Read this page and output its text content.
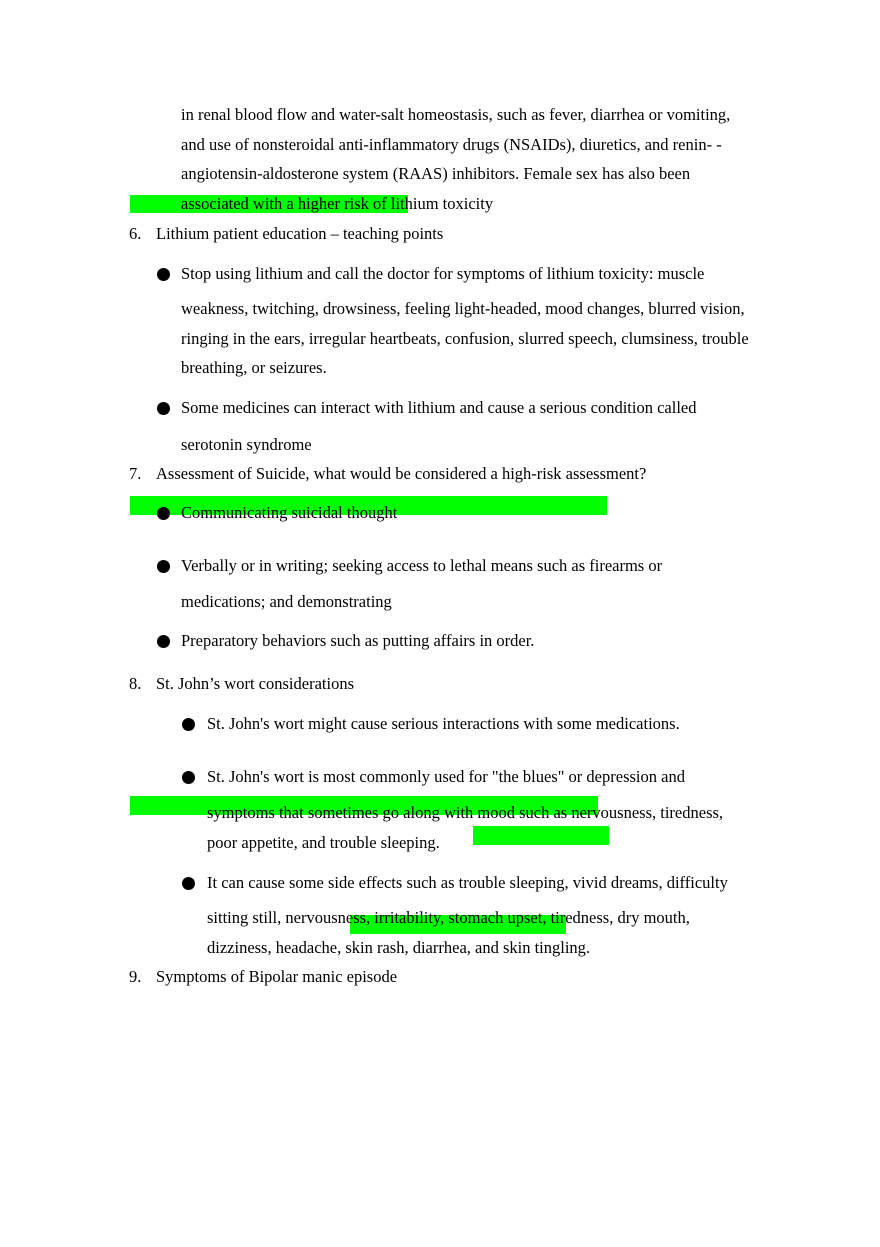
in renal blood flow and water-salt homeostasis, such as fever, diarrhea or vomiting,
and use of nonsteroidal anti-inflammatory drugs (NSAIDs), diuretics, and renin- -
angiotensin-aldosterone system (RAAS) inhibitors. Female sex has also been
associated with a higher risk of lithium toxicity
6. Lithium patient education – teaching points
Stop using lithium and call the doctor for symptoms of lithium toxicity: muscle
weakness, twitching, drowsiness, feeling light-headed, mood changes, blurred vision,
ringing in the ears, irregular heartbeats, confusion, slurred speech, clumsiness, trouble
breathing, or seizures.
Some medicines can interact with lithium and cause a serious condition called
serotonin syndrome
7. Assessment of Suicide, what would be considered a high-risk assessment?
Communicating suicidal thought
Verbally or in writing; seeking access to lethal means such as firearms or
medications; and demonstrating
Preparatory behaviors such as putting affairs in order.
8. St. John’s wort considerations
St. John's wort might cause serious interactions with some medications.
St. John's wort is most commonly used for "the blues" or depression and
symptoms that sometimes go along with mood such as nervousness, tiredness,
poor appetite, and trouble sleeping.
It can cause some side effects such as trouble sleeping, vivid dreams, difficulty
sitting still, nervousness, irritability, stomach upset, tiredness, dry mouth,
dizziness, headache, skin rash, diarrhea, and skin tingling.
9. Symptoms of Bipolar manic episode
